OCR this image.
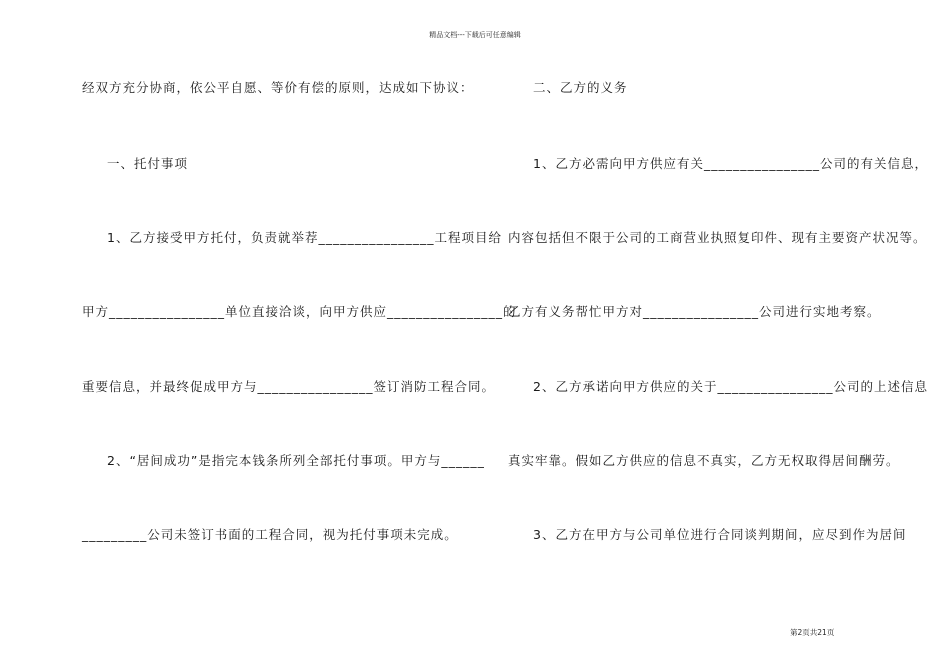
精品文档---下载后可任意编辑
经双方充分协商，依公平自愿、等价有偿的原则，达成如下协议：
一、托付事项
1、乙方接受甲方托付，负责就举荐________________工程项目给
甲方________________单位直接洽谈，向甲方供应________________的
重要信息，并最终促成甲方与________________签订消防工程合同。
2、“居间成功”是指完本钱条所列全部托付事项。甲方与______
_________公司未签订书面的工程合同，视为托付事项未完成。
二、乙方的义务
1、乙方必需向甲方供应有关________________公司的有关信息，
内容包括但不限于公司的工商营业执照复印件、现有主要资产状况等。
乙方有义务帮忙甲方对________________公司进行实地考察。
2、乙方承诺向甲方供应的关于________________公司的上述信息
真实牢靠。假如乙方供应的信息不真实，乙方无权取得居间酬劳。
3、乙方在甲方与公司单位进行合同谈判期间，应尽到作为居间
第2页共21页
